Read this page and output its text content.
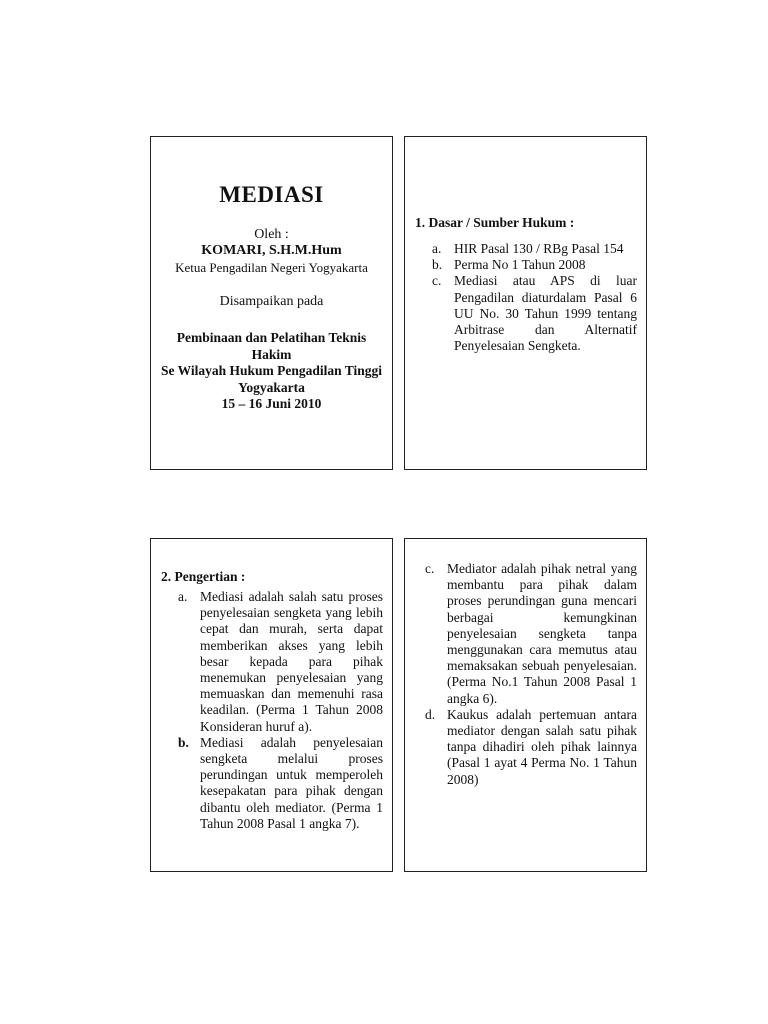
MEDIASI
Oleh :
KOMARI, S.H.M.Hum
Ketua Pengadilan Negeri Yogyakarta
Disampaikan pada
Pembinaan dan Pelatihan Teknis Hakim
Se Wilayah Hukum Pengadilan Tinggi Yogyakarta
15 – 16 Juni 2010
1. Dasar / Sumber Hukum :
a. HIR Pasal 130 / RBg Pasal 154
b. Perma No 1 Tahun 2008
c. Mediasi atau APS di luar Pengadilan diaturdalam Pasal 6 UU No. 30 Tahun 1999 tentang Arbitrase dan Alternatif Penyelesaian Sengketa.
2. Pengertian :
a. Mediasi adalah salah satu proses penyelesaian sengketa yang lebih cepat dan murah, serta dapat memberikan akses yang lebih besar kepada para pihak menemukan penyelesaian yang memuaskan dan memenuhi rasa keadilan. (Perma 1 Tahun 2008 Konsideran huruf a).
b. Mediasi adalah penyelesaian sengketa melalui proses perundingan untuk memperoleh kesepakatan para pihak dengan dibantu oleh mediator. (Perma 1 Tahun 2008 Pasal 1 angka 7).
c. Mediator adalah pihak netral yang membantu para pihak dalam proses perundingan guna mencari berbagai kemungkinan penyelesaian sengketa tanpa menggunakan cara memutus atau memaksakan sebuah penyelesaian. (Perma No.1 Tahun 2008 Pasal 1 angka 6).
d. Kaukus adalah pertemuan antara mediator dengan salah satu pihak tanpa dihadiri oleh pihak lainnya (Pasal 1 ayat 4 Perma No. 1 Tahun 2008)
